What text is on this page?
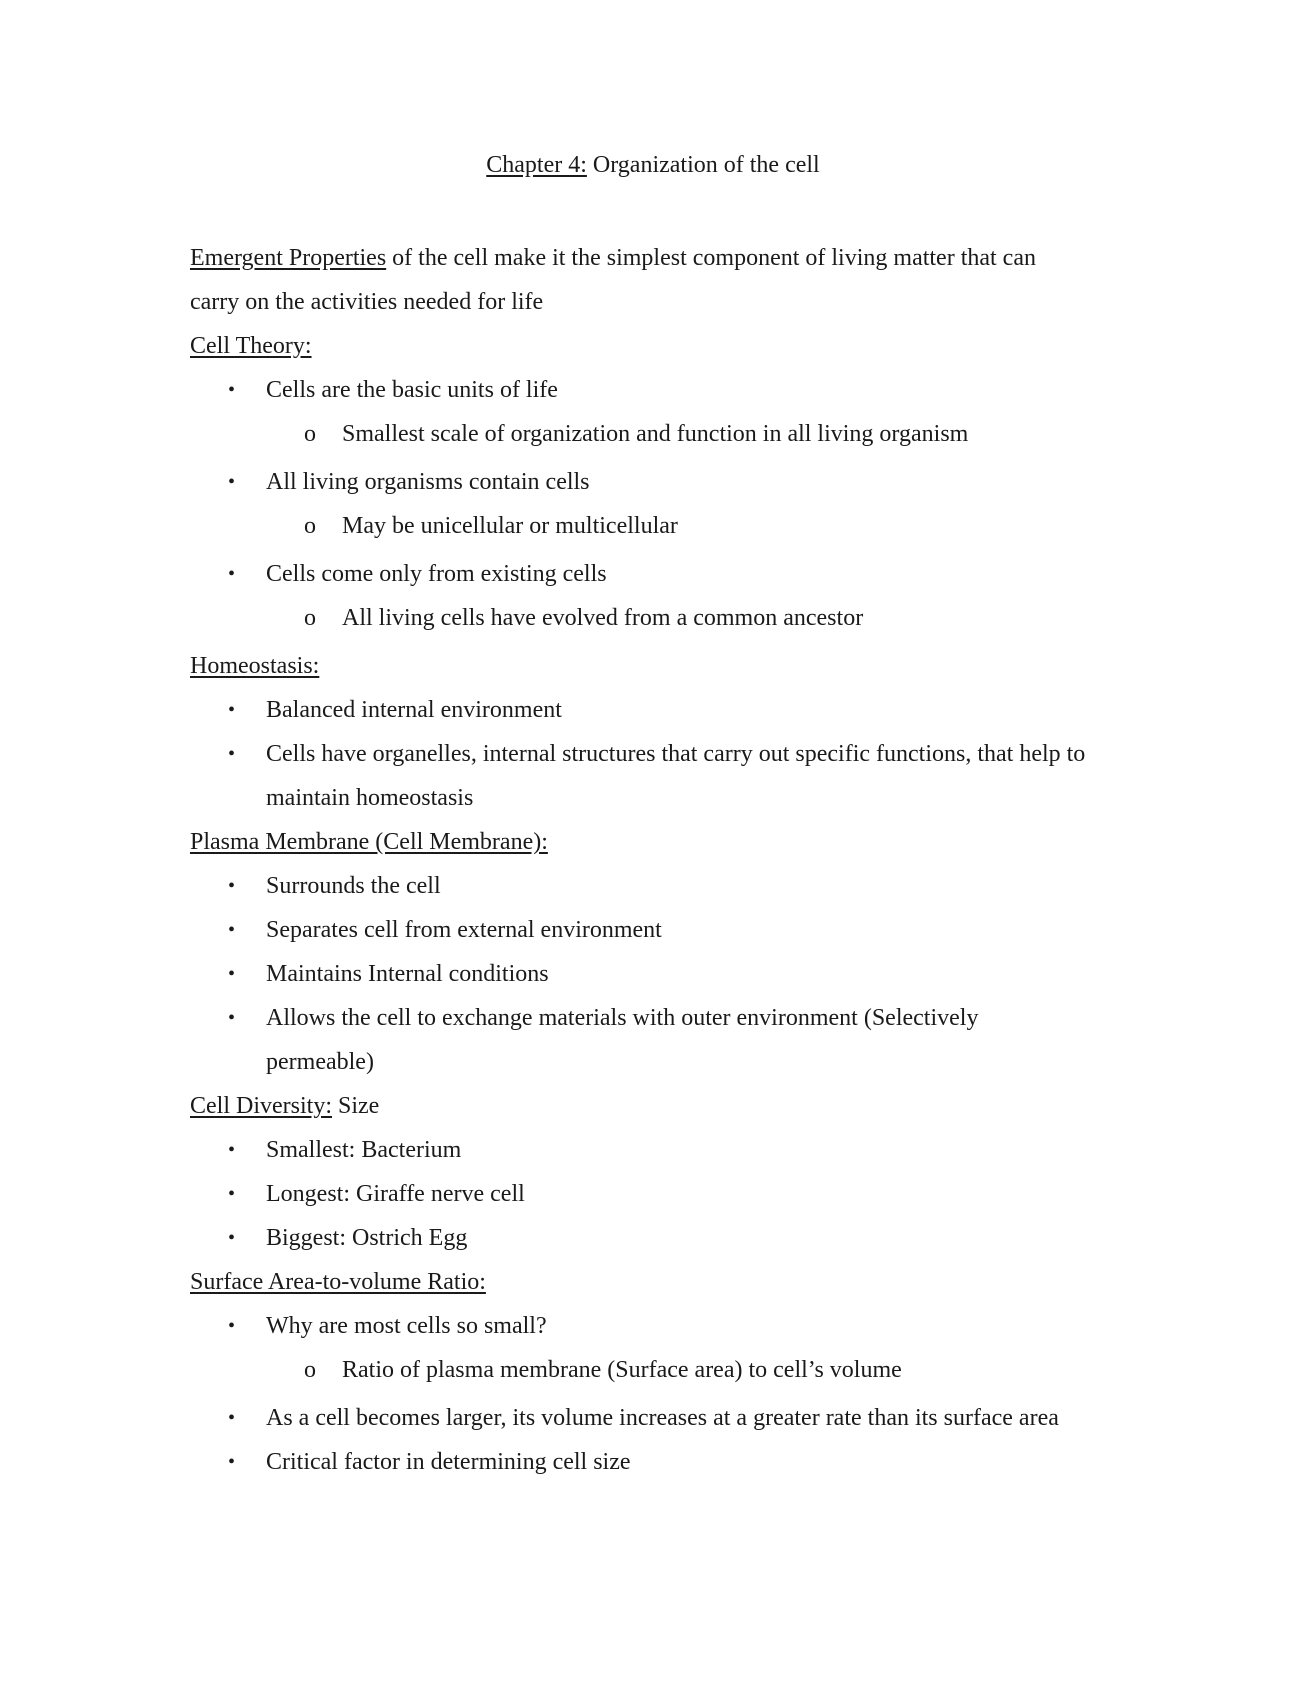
Chapter 4: Organization of the cell

Emergent Properties of the cell make it the simplest component of living matter that can carry on the activities needed for life

Cell Theory:

• Cells are the basic units of life
o Smallest scale of organization and function in all living organism
• All living organisms contain cells
o May be unicellular or multicellular
• Cells come only from existing cells
o All living cells have evolved from a common ancestor

Homeostasis:

• Balanced internal environment
• Cells have organelles, internal structures that carry out specific functions, that help to maintain homeostasis

Plasma Membrane (Cell Membrane):

• Surrounds the cell
• Separates cell from external environment
• Maintains Internal conditions
• Allows the cell to exchange materials with outer environment (Selectively permeable)

Cell Diversity: Size

• Smallest: Bacterium
• Longest: Giraffe nerve cell
• Biggest: Ostrich Egg

Surface Area-to-volume Ratio:

• Why are most cells so small?
o Ratio of plasma membrane (Surface area) to cell’s volume
• As a cell becomes larger, its volume increases at a greater rate than its surface area
• Critical factor in determining cell size
